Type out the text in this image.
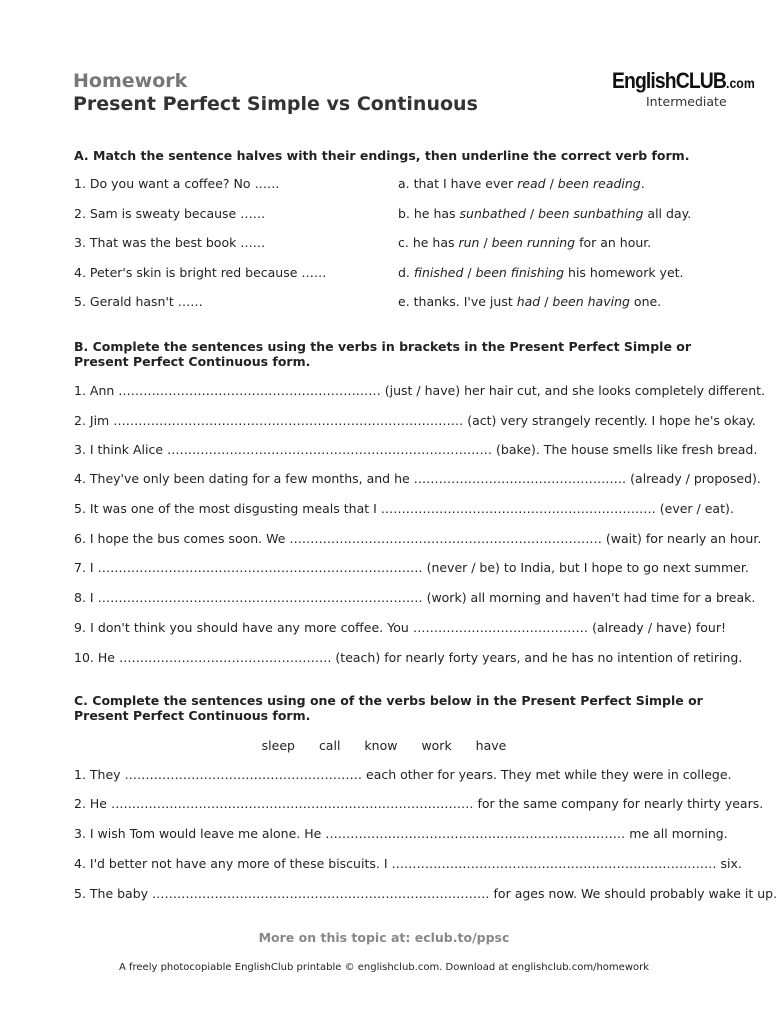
Homework
Present Perfect Simple vs Continuous
EnglishCLUB.com
Intermediate
A. Match the sentence halves with their endings, then underline the correct verb form.
1. Do you want a coffee? No ……
2. Sam is sweaty because ……
3. That was the best book ……
4. Peter's skin is bright red because ……
5. Gerald hasn't ……
a. that I have ever read / been reading.
b. he has sunbathed / been sunbathing all day.
c. he has run / been running for an hour.
d. finished / been finishing his homework yet.
e. thanks. I've just had / been having one.
B. Complete the sentences using the verbs in brackets in the Present Perfect Simple or Present Perfect Continuous form.
1. Ann ……………………………………………………… (just / have) her hair cut, and she looks completely different.
2. Jim ………………………………………………………………………… (act) very strangely recently. I hope he's okay.
3. I think Alice …………………………………………………………………… (bake). The house smells like fresh bread.
4. They've only been dating for a few months, and he …………………………………………… (already / proposed).
5. It was one of the most disgusting meals that I ………………………………………………………… (ever / eat).
6. I hope the bus comes soon. We ………………………………………………………………… (wait) for nearly an hour.
7. I …………………………………………………………………… (never / be) to India, but I hope to go next summer.
8. I …………………………………………………………………… (work) all morning and haven't had time for a break.
9. I don't think you should have any more coffee. You …………………………………… (already / have) four!
10. He …………………………………………… (teach) for nearly forty years, and he has no intention of retiring.
C. Complete the sentences using one of the verbs below in the Present Perfect Simple or Present Perfect Continuous form.
sleep call know work have
1. They ………………………………………………… each other for years. They met while they were in college.
2. He …………………………………………………………………………… for the same company for nearly thirty years.
3. I wish Tom would leave me alone. He ……………………………………………………………… me all morning.
4. I'd better not have any more of these biscuits. I …………………………………………………………………… six.
5. The baby ……………………………………………………………………… for ages now. We should probably wake it up.
More on this topic at: eclub.to/ppsc
A freely photocopiable EnglishClub printable © englishclub.com. Download at englishclub.com/homework
